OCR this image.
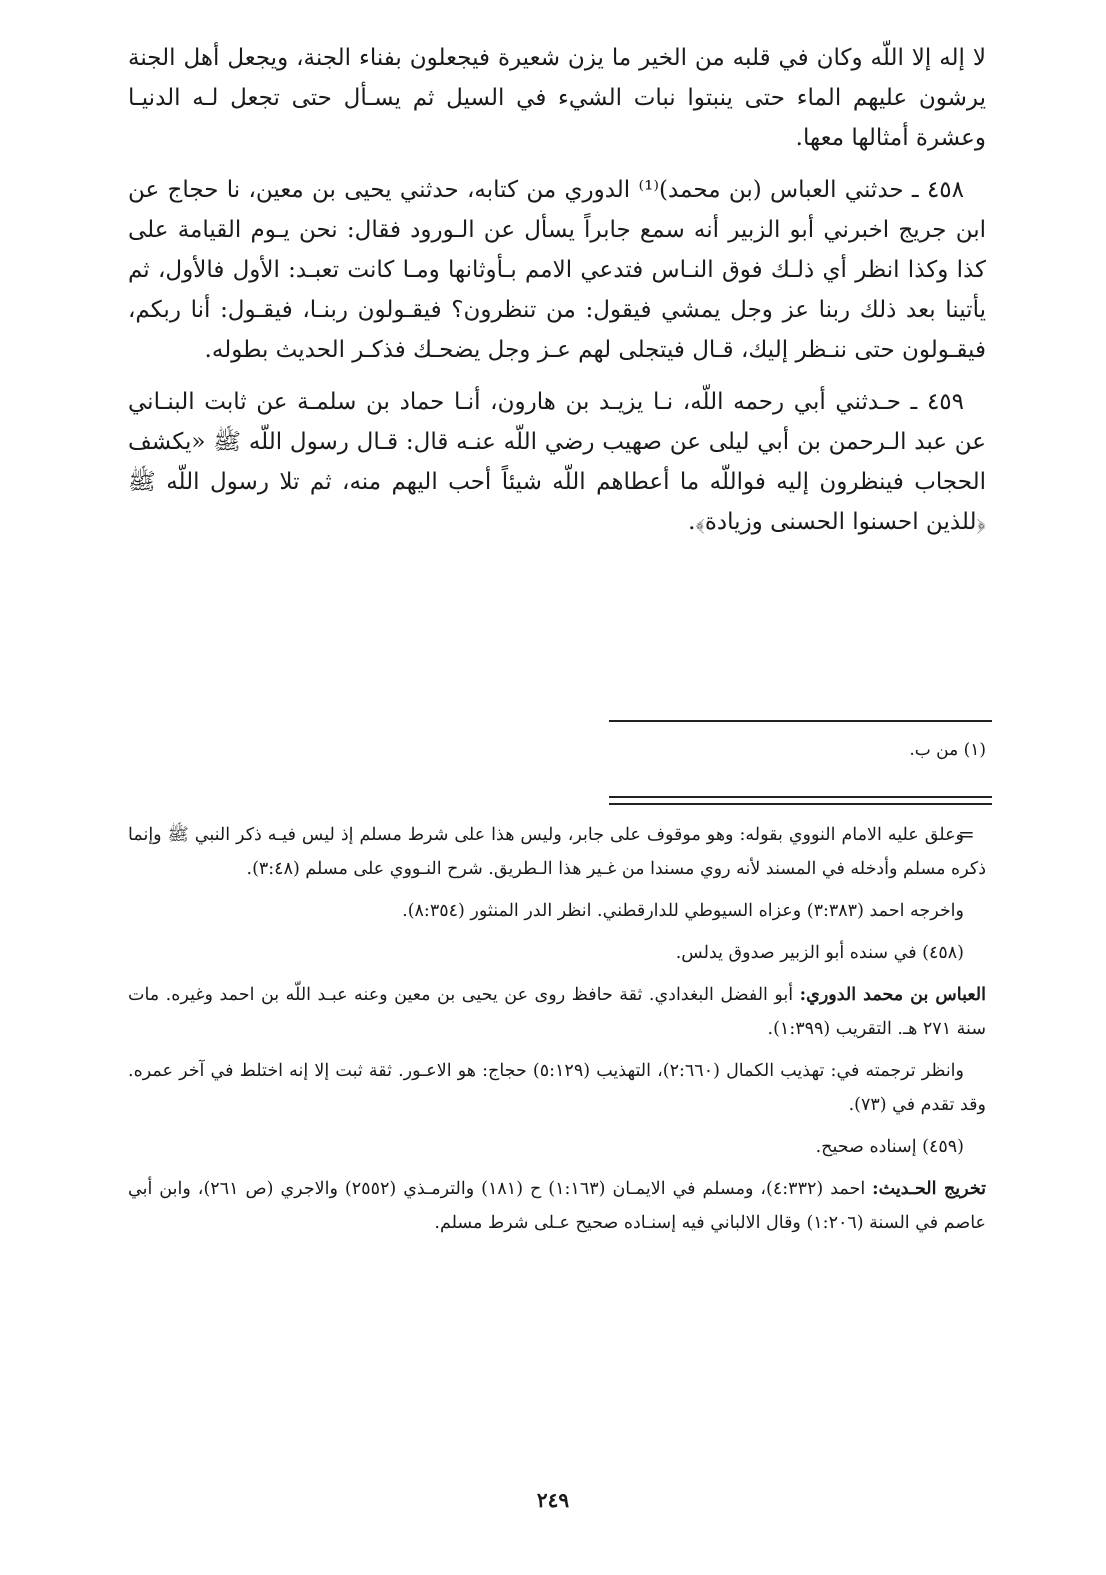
لا إله إلا اللّه وكان في قلبه من الخير ما يزن شعيرة فيجعلون بفناء الجنة، ويجعل أهل الجنة يرشون عليهم الماء حتى ينبتوا نبات الشيء في السيل ثم يسـأل حتى تجعل لـه الدنيـا وعشرة أمثالها معها.

٤٥٨ ـ حدثني العباس (بن محمد)⁽¹⁾ الدوري من كتابه، حدثني يحيى بن معين، نا حجاج عن ابن جريج اخبرني أبو الزبير أنه سمع جابراً يسأل عن الـورود فقال: نحن يـوم القيامة على كذا وكذا انظر أي ذلـك فوق النـاس فتدعي الامم بـأوثانها ومـا كانت تعبـد: الأول فالأول، ثم يأتينا بعد ذلك ربنا عز وجل يمشي فيقول: من تنظرون؟ فيقـولون ربنـا، فيقـول: أنا ربكم، فيقـولون حتى ننـظر إليك، قـال فيتجلى لهم عـز وجل يضحـك فذكـر الحديث بطوله.

٤٥٩ ـ حـدثني أبي رحمه اللّه، نـا يزيـد بن هارون، أنـا حماد بن سلمـة عن ثابت البنـاني عن عبد الـرحمن بن أبي ليلى عن صهيب رضي اللّه عنـه قال: قـال رسول اللّه ﷺ «يكشف الحجاب فينظرون إليه فواللّه ما أعطاهم اللّه شيئاً أحب اليهم منه، ثم تلا رسول اللّه ﷺ ﴿للذين احسنوا الحسنى وزيادة﴾.

(١) من ب.
=

وعلق عليه الامام النووي بقوله: وهو موقوف على جابر، وليس هذا على شرط مسلم إذ ليس فيـه ذكر النبي ﷺ وإنما ذكره مسلم وأدخله في المسند لأنه روي مسندا من غـير هذا الـطريق. شرح النـووي على مسلم (٣:٤٨).

واخرجه احمد (٣:٣٨٣) وعزاه السيوطي للدارقطني. انظر الدر المنثور (٨:٣٥٤).

(٤٥٨) في سنده أبو الزبير صدوق يدلس.

العباس بن محمد الدوري: أبو الفضل البغدادي. ثقة حافظ روى عن يحيى بن معين وعنه عبـد اللّه بن احمد وغيره. مات سنة ٢٧١ هـ. التقريب (١:٣٩٩).

وانظر ترجمته في: تهذيب الكمال (٢:٦٦٠)، التهذيب (٥:١٢٩) حجاج: هو الاعـور. ثقة ثبت إلا إنه اختلط في آخر عمره. وقد تقدم في (٧٣).

(٤٥٩) إسناده صحيح.

تخريج الحـديث: احمد (٤:٣٣٢)، ومسلم في الايمـان (١:١٦٣) ح (١٨١) والترمـذي (٢٥٥٢) والاجري (ص ٢٦١)، وابن أبي عاصم في السنة (١:٢٠٦) وقال الالباني فيه إسنـاده صحيح عـلى شرط مسلم.

٢٤٩
